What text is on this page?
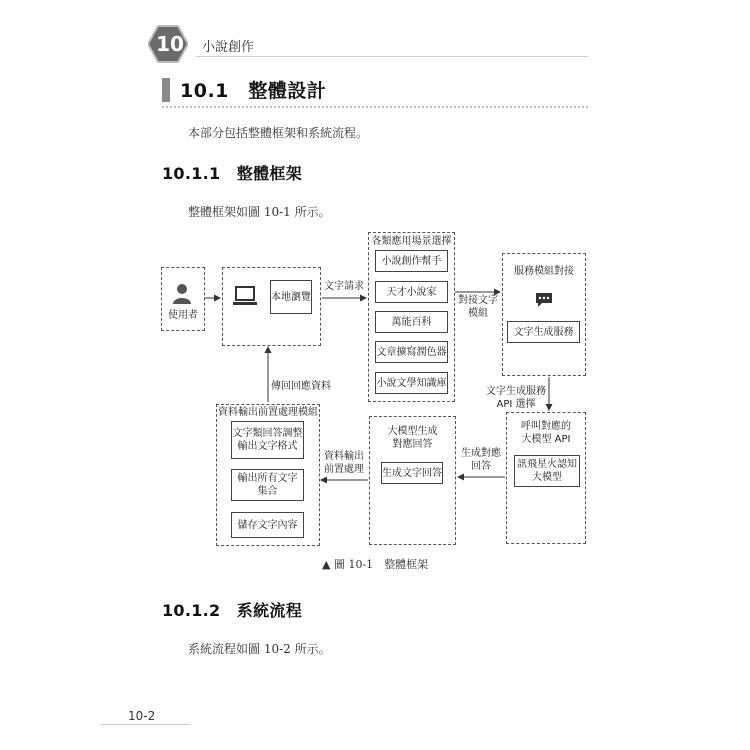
10	小說創作
10.1　整體設計
本部分包括整體框架和系統流程。
10.1.1　整體框架
整體框架如圖 10-1 所示。
使用者
本地瀏覽
文字請求
各類應用場景選擇
小說創作幫手
天才小說家
萬能百科
文章擴寫潤色器
小說文學知識庫
對接文字
模組
服務模組對接
文字生成服務
文字生成服務
API 選擇
呼叫對應的
大模型 API
訊飛星火認知
大模型
生成對應
回答
大模型生成
對應回答
生成文字回答
資料輸出
前置處理
資料輸出前置處理模組
文字類回答調整
輸出文字格式
輸出所有文字
集合
儲存文字內容
傳回回應資料
▲ 圖 10-1　整體框架
10.1.2　系統流程
系統流程如圖 10-2 所示。
10-2
